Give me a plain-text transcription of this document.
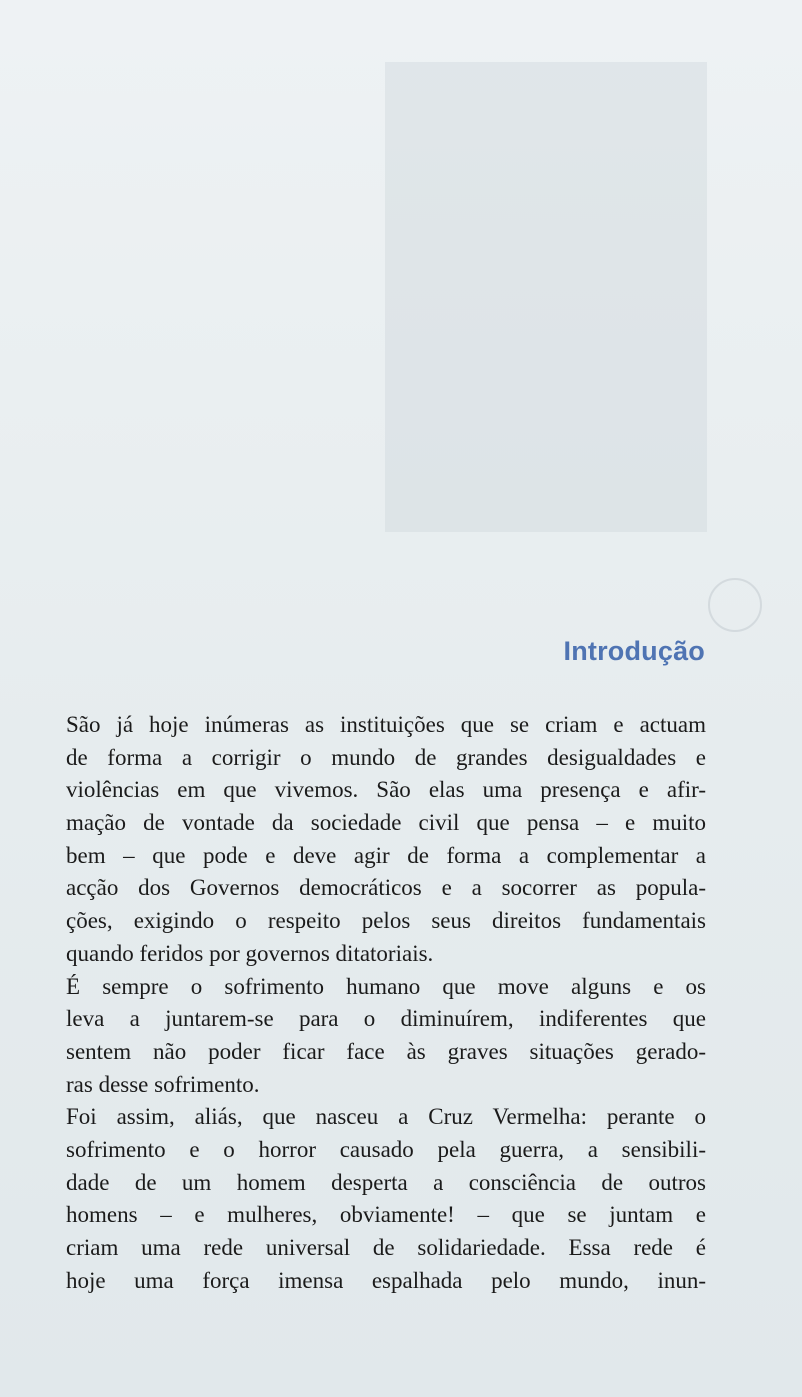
Introdução
São já hoje inúmeras as instituições que se criam e actuam
de forma a corrigir o mundo de grandes desigualdades e
violências em que vivemos. São elas uma presença e afir-
mação de vontade da sociedade civil que pensa – e muito
bem – que pode e deve agir de forma a complementar a
acção dos Governos democráticos e a socorrer as popula-
ções, exigindo o respeito pelos seus direitos fundamentais
quando feridos por governos ditatoriais.
É sempre o sofrimento humano que move alguns e os
leva a juntarem-se para o diminuírem, indiferentes que
sentem não poder ficar face às graves situações gerado-
ras desse sofrimento.
Foi assim, aliás, que nasceu a Cruz Vermelha: perante o
sofrimento e o horror causado pela guerra, a sensibili-
dade de um homem desperta a consciência de outros
homens – e mulheres, obviamente! – que se juntam e
criam uma rede universal de solidariedade. Essa rede é
hoje uma força imensa espalhada pelo mundo, inun-
